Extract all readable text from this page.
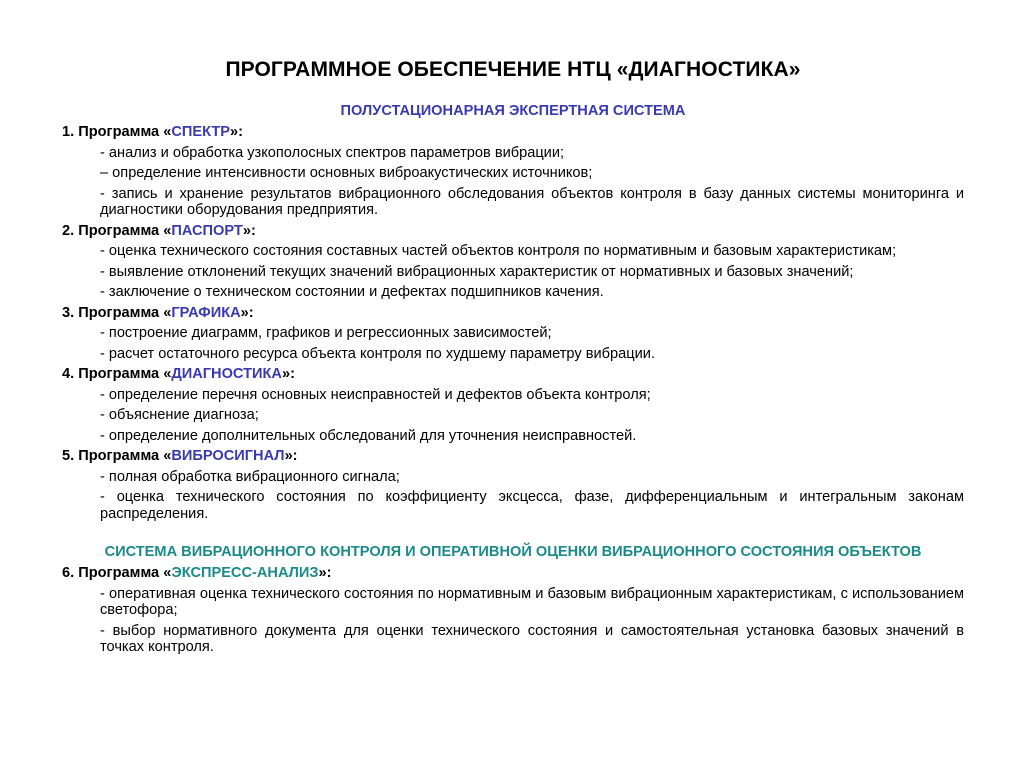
ПРОГРАММНОЕ ОБЕСПЕЧЕНИЕ НТЦ «ДИАГНОСТИКА»
ПОЛУСТАЦИОНАРНАЯ ЭКСПЕРТНАЯ СИСТЕМА
1. Программа «СПЕКТР»:
- анализ и обработка узкополосных спектров параметров вибрации;
– определение интенсивности основных виброакустических источников;
- запись и хранение результатов вибрационного обследования объектов контроля в базу данных системы мониторинга и диагностики оборудования предприятия.
2. Программа «ПАСПОРТ»:
- оценка технического состояния составных частей объектов контроля по нормативным и базовым характеристикам;
- выявление отклонений текущих значений вибрационных характеристик от нормативных и базовых значений;
- заключение о техническом состоянии и дефектах подшипников качения.
3. Программа «ГРАФИКА»:
- построение диаграмм, графиков и регрессионных зависимостей;
- расчет остаточного ресурса объекта контроля по худшему параметру вибрации.
4. Программа «ДИАГНОСТИКА»:
- определение перечня основных неисправностей и дефектов объекта контроля;
- объяснение диагноза;
- определение дополнительных обследований для уточнения неисправностей.
5. Программа «ВИБРОСИГНАЛ»:
- полная обработка вибрационного сигнала;
- оценка технического состояния по коэффициенту эксцесса, фазе, дифференциальным и интегральным законам распределения.
СИСТЕМА ВИБРАЦИОННОГО КОНТРОЛЯ И ОПЕРАТИВНОЙ ОЦЕНКИ ВИБРАЦИОННОГО СОСТОЯНИЯ ОБЪЕКТОВ
6. Программа «ЭКСПРЕСС-АНАЛИЗ»:
- оперативная оценка технического состояния по нормативным и базовым вибрационным характеристикам, с использованием светофора;
- выбор нормативного документа для оценки технического состояния и самостоятельная установка базовых значений в точках контроля.
